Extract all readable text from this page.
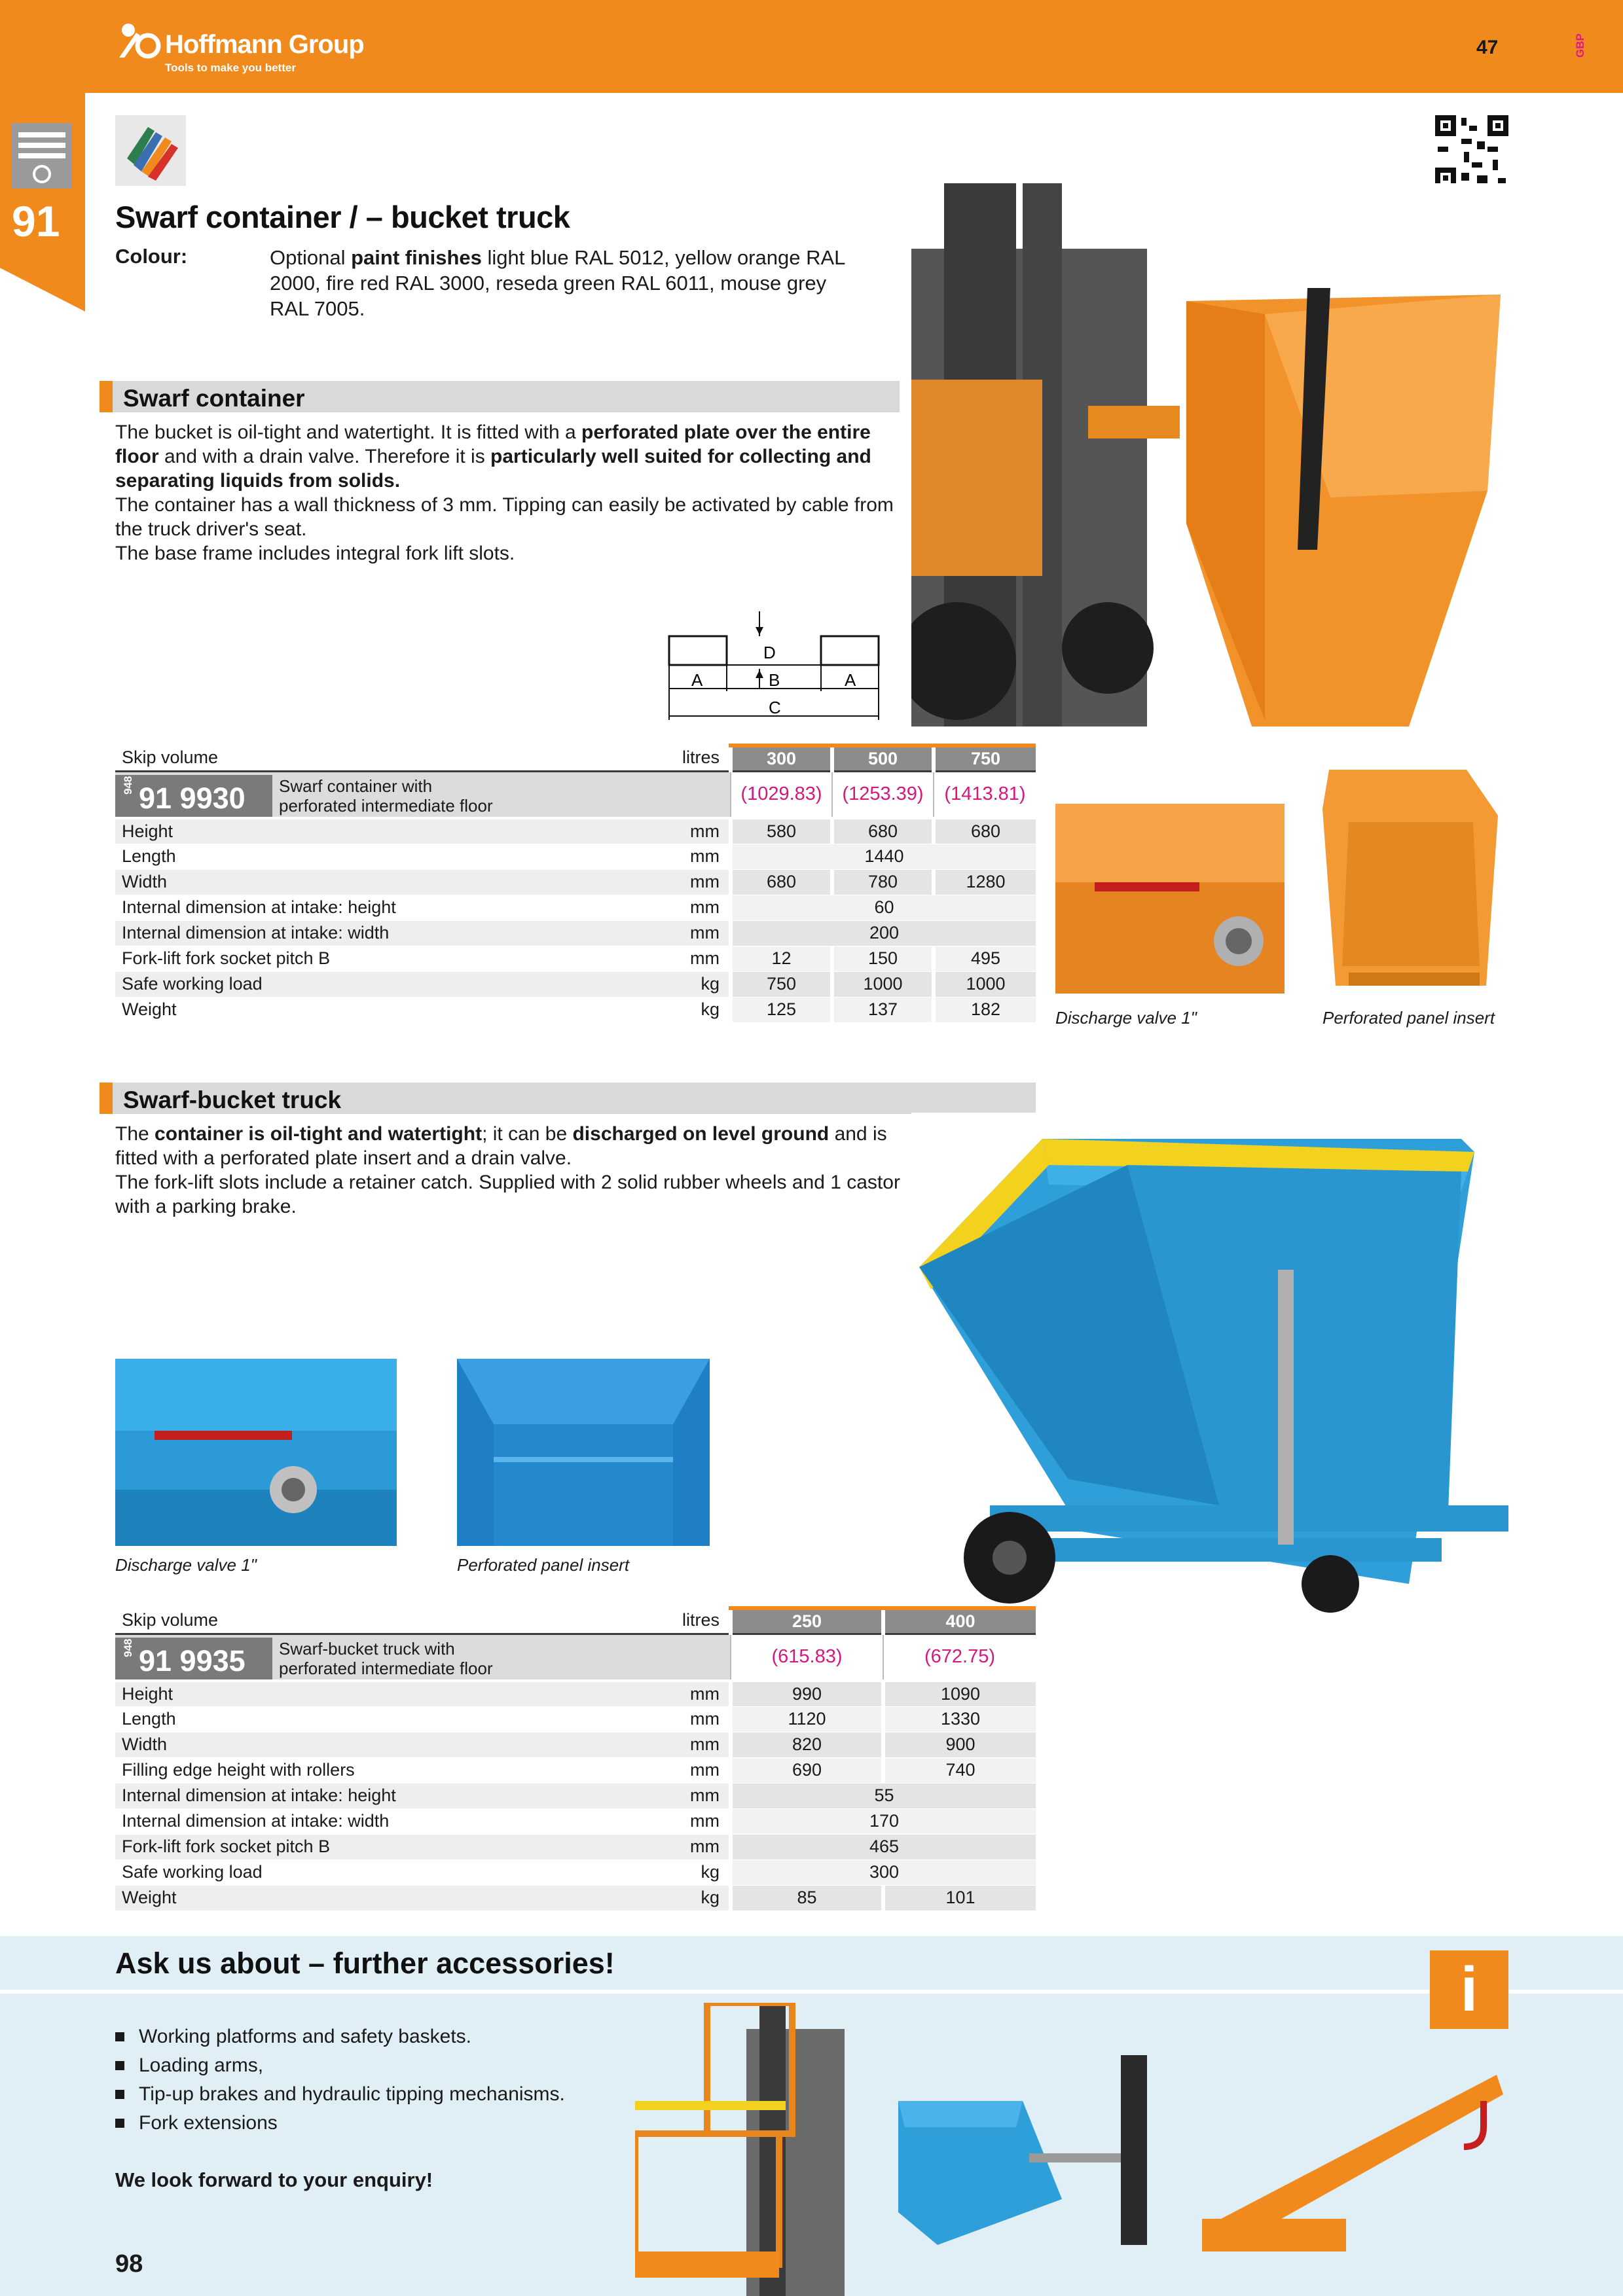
Hoffmann Group
Tools to make you better
47	GBP
91 Swarf container / – bucket truck
Colour:	Optional paint finishes light blue RAL 5012, yellow orange RAL 2000, fire red RAL 3000, reseda green RAL 6011, mouse grey RAL 7005.
Swarf container
The bucket is oil-tight and watertight. It is fitted with a perforated plate over the entire floor and with a drain valve. Therefore it is particularly well suited for collecting and separating liquids from solids.
The container has a wall thickness of 3 mm. Tipping can easily be activated by cable from the truck driver's seat.
The base frame includes integral fork lift slots.
D
A	B	A
C
Discharge valve 1"	Perforated panel insert
Skip volume	litres	300	500	750

948 91 9930 Swarf container with
perforated intermediate floor		(1029.83)	(1253.39)	(1413.81)
Height	mm	580	680	680
Length	mm	1440		
Width	mm	680	780	1280
Internal dimension at intake: height	mm	60		
Internal dimension at intake: width	mm	200		
Fork-lift fork socket pitch B	mm	12	150	495
Safe working load	kg	750	1000	1000
Weight	kg	125	137	182
Swarf-bucket truck
The container is oil-tight and watertight; it can be discharged on level ground and is fitted with a perforated plate insert and a drain valve.
The fork-lift slots include a retainer catch. Supplied with 2 solid rubber wheels and 1 castor with a parking brake.
Discharge valve 1"	Perforated panel insert
Skip volume	litres	250	400

948 91 9935 Swarf-bucket truck with
perforated intermediate floor		(615.83)	(672.75)
Height	mm	990	1090
Length	mm	1120	1330
Width	mm	820	900
Filling edge height with rollers	mm	690	740
Internal dimension at intake: height	mm	55	
Internal dimension at intake: width	mm	170	
Fork-lift fork socket pitch B	mm	465	
Safe working load	kg	300	
Weight	kg	85	101
Ask us about – further accessories!	i
Working platforms and safety baskets.
Loading arms,
Tip-up brakes and hydraulic tipping mechanisms.
Fork extensions
We look forward to your enquiry!
98
